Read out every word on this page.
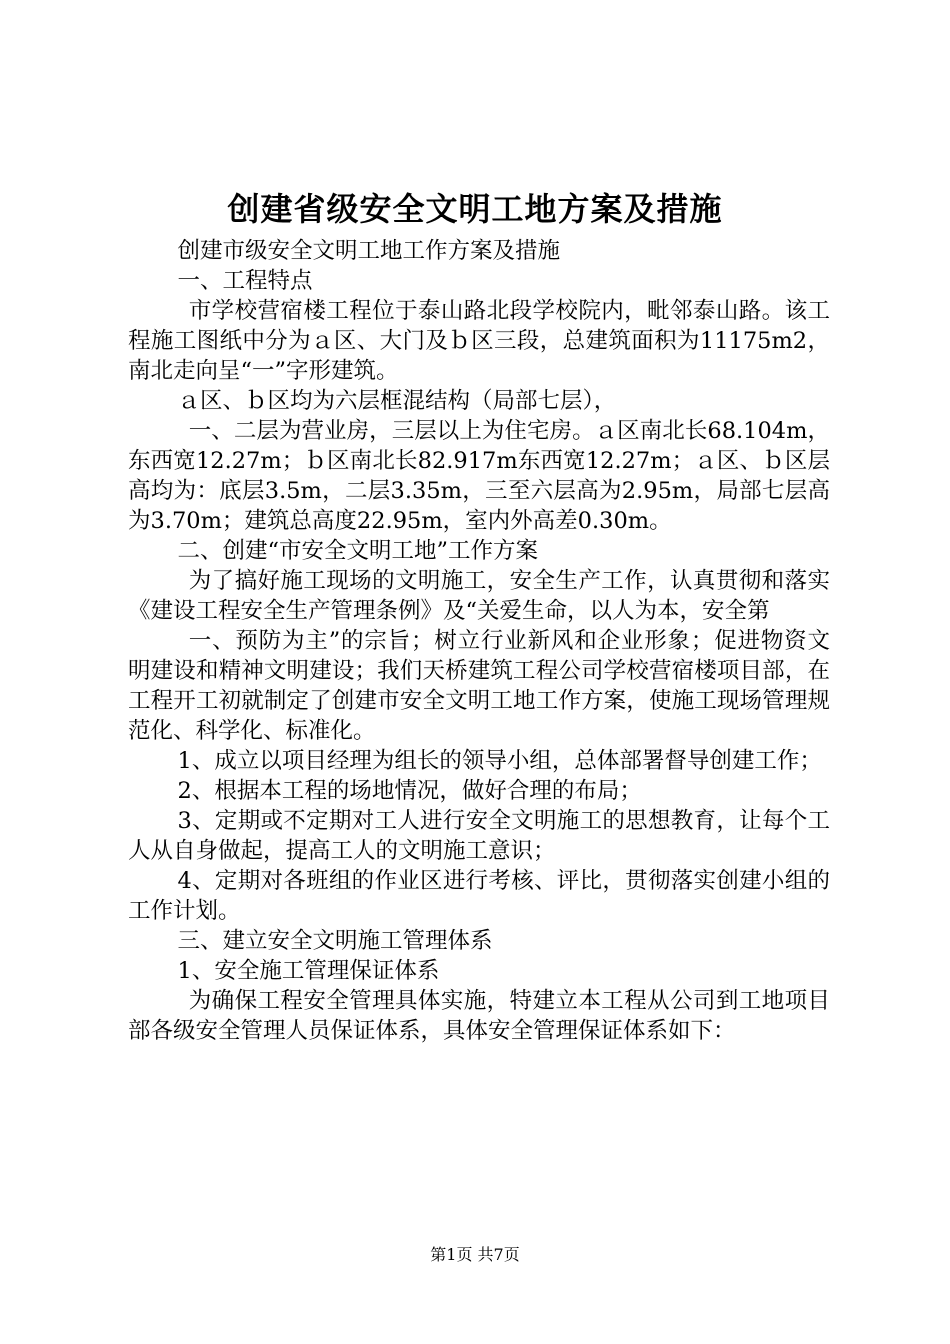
创建省级安全文明工地方案及措施

创建市级安全文明工地工作方案及措施

一、工程特点

市学校营宿楼工程位于泰山路北段学校院内，毗邻泰山路。该工程施工图纸中分为ａ区、大门及ｂ区三段，总建筑面积为11175m2，南北走向呈“一”字形建筑。

ａ区、ｂ区均为六层框混结构（局部七层），

一、二层为营业房，三层以上为住宅房。ａ区南北长68.104m，东西宽12.27m；ｂ区南北长82.917m东西宽12.27m；ａ区、ｂ区层高均为：底层3.5m，二层3.35m，三至六层高为2.95m，局部七层高为3.70m；建筑总高度22.95m，室内外高差0.30m。

二、创建“市安全文明工地”工作方案

为了搞好施工现场的文明施工，安全生产工作，认真贯彻和落实《建设工程安全生产管理条例》及“关爱生命，以人为本，安全第

一、预防为主”的宗旨；树立行业新风和企业形象；促进物资文明建设和精神文明建设；我们天桥建筑工程公司学校营宿楼项目部，在工程开工初就制定了创建市安全文明工地工作方案，使施工现场管理规范化、科学化、标准化。

1、成立以项目经理为组长的领导小组，总体部署督导创建工作；

2、根据本工程的场地情况，做好合理的布局；

3、定期或不定期对工人进行安全文明施工的思想教育，让每个工人从自身做起，提高工人的文明施工意识；

4、定期对各班组的作业区进行考核、评比，贯彻落实创建小组的工作计划。

三、建立安全文明施工管理体系

1、安全施工管理保证体系

为确保工程安全管理具体实施，特建立本工程从公司到工地项目部各级安全管理人员保证体系，具体安全管理保证体系如下：

第1页 共7页
